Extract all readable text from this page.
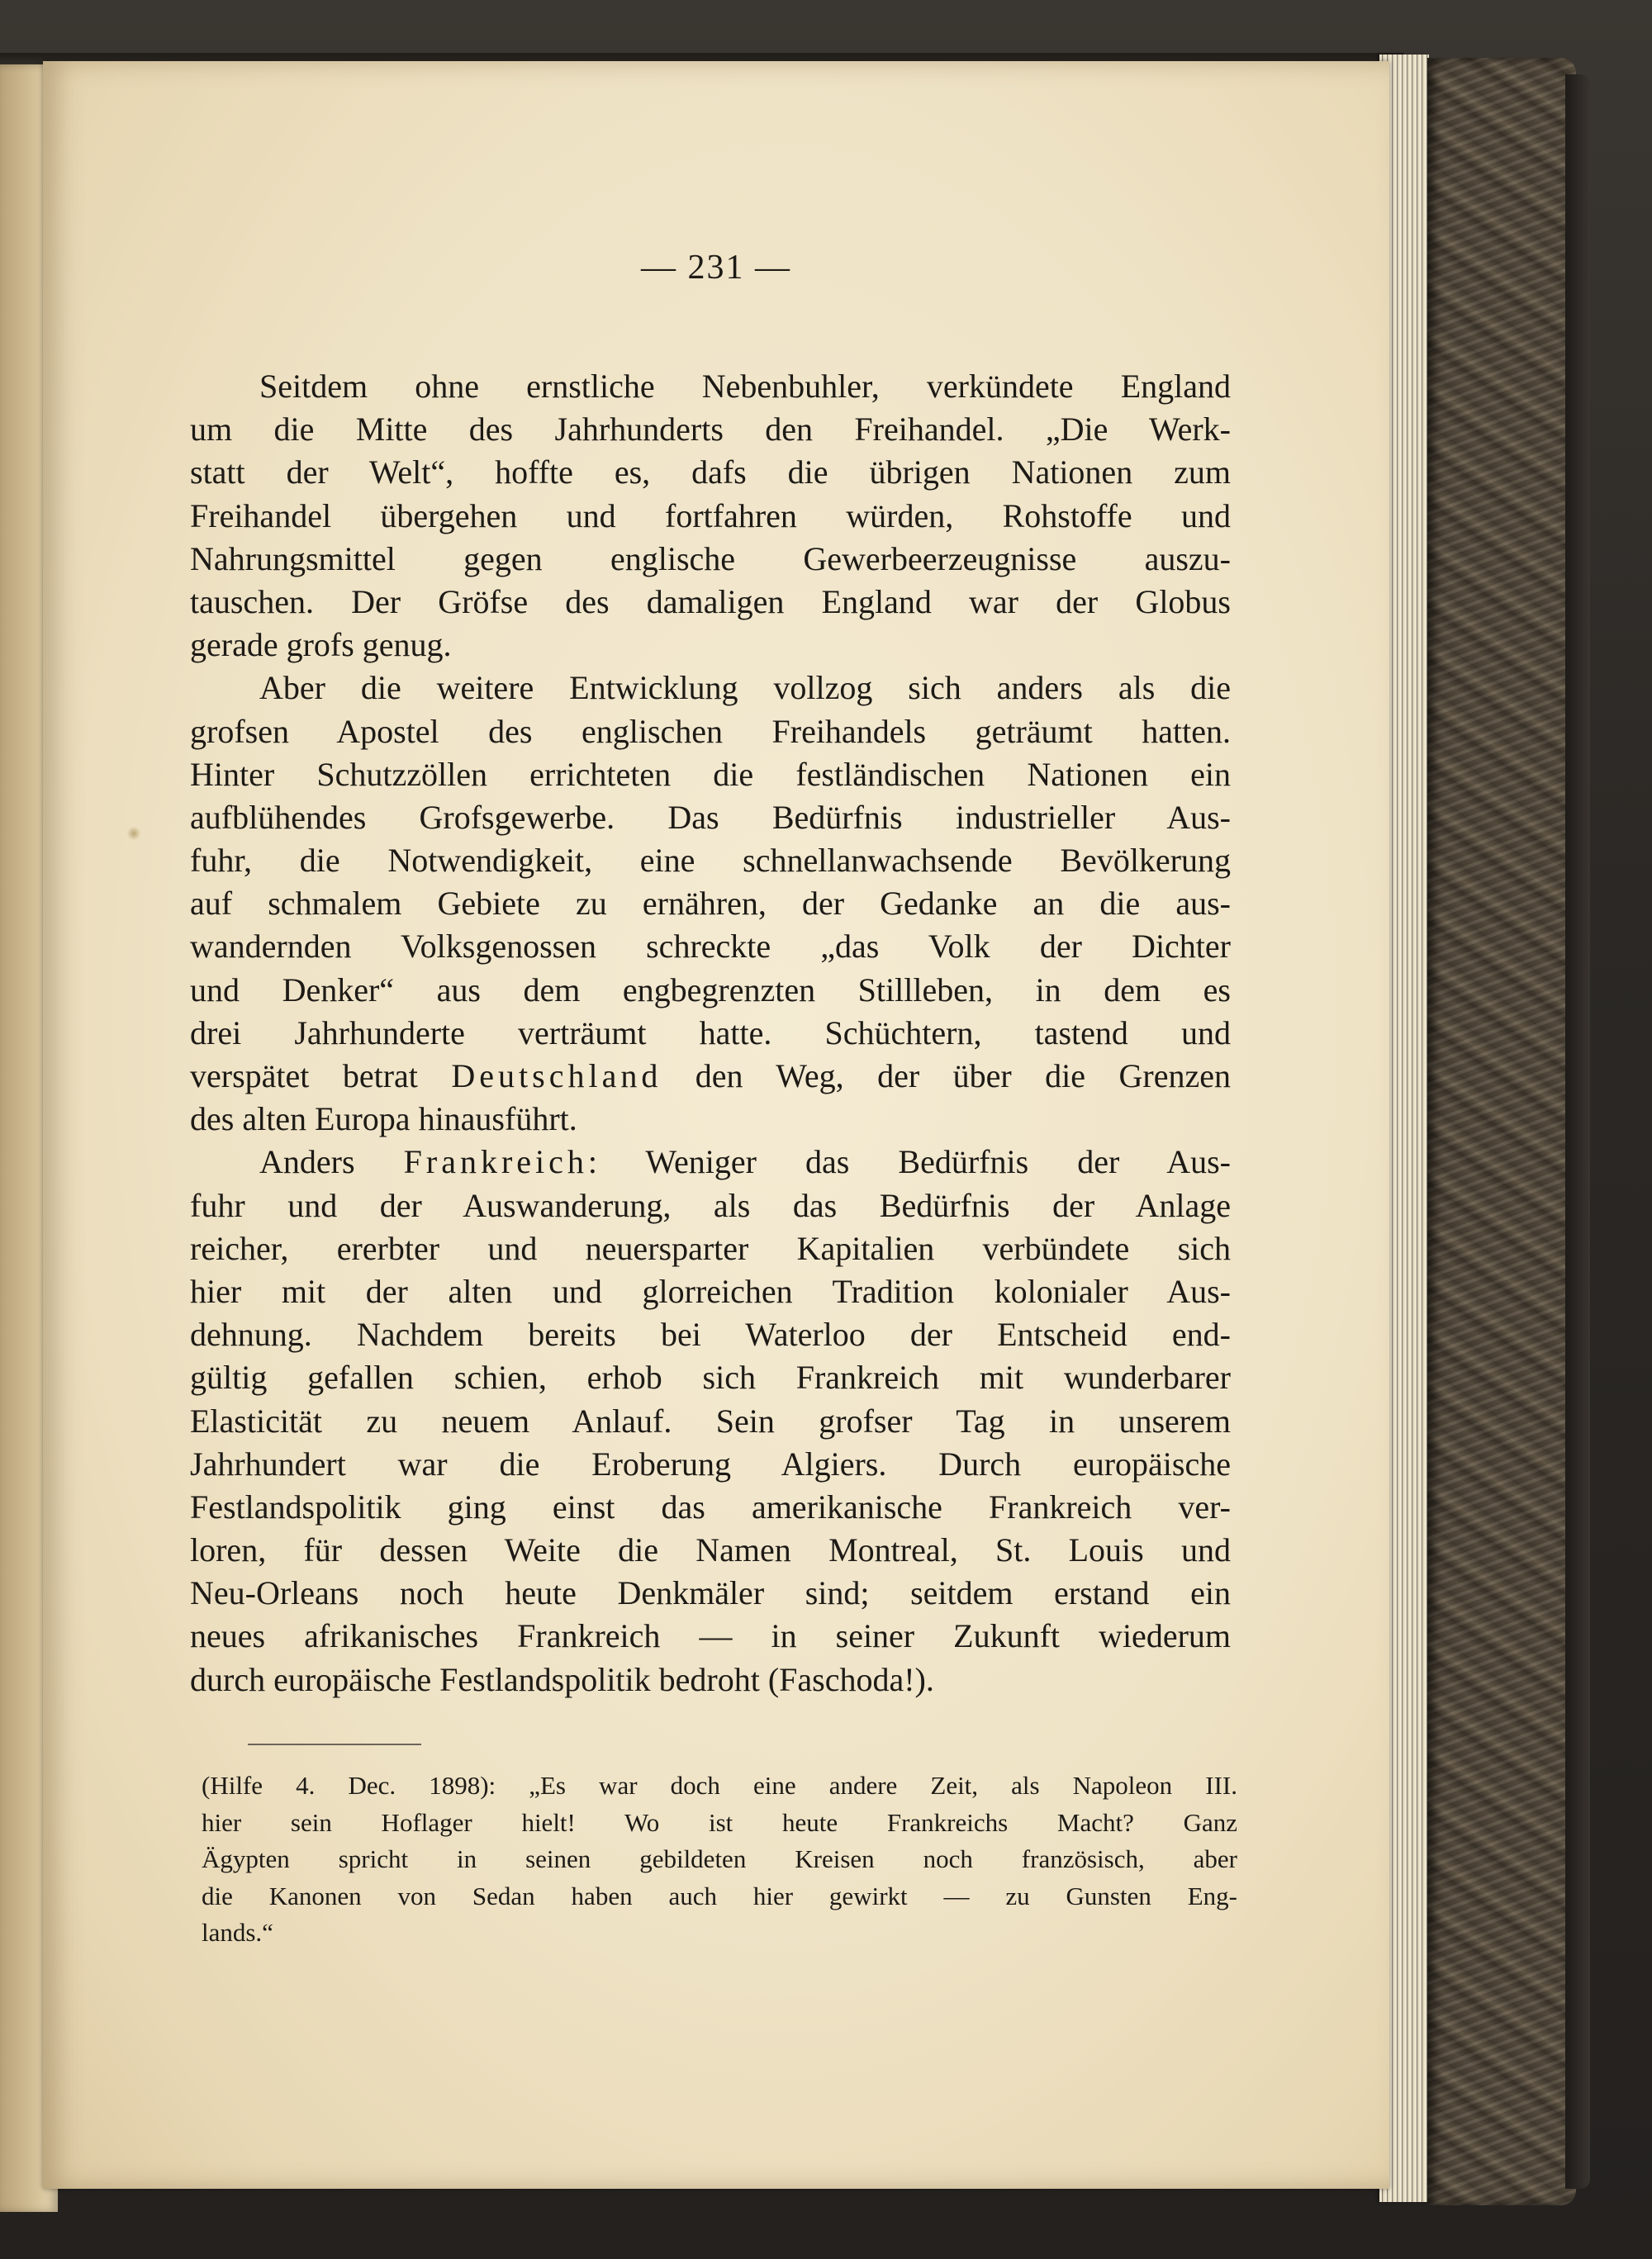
— 231 —
Seitdem ohne ernstliche Nebenbuhler, verkündete England
um die Mitte des Jahrhunderts den Freihandel. „Die Werk-
statt der Welt“, hoffte es, dafs die übrigen Nationen zum
Freihandel übergehen und fortfahren würden, Rohstoffe und
Nahrungsmittel gegen englische Gewerbeerzeugnisse auszu-
tauschen. Der Gröfse des damaligen England war der Globus
gerade grofs genug.
Aber die weitere Entwicklung vollzog sich anders als die
grofsen Apostel des englischen Freihandels geträumt hatten.
Hinter Schutzzöllen errichteten die festländischen Nationen ein
aufblühendes Grofsgewerbe. Das Bedürfnis industrieller Aus-
fuhr, die Notwendigkeit, eine schnellanwachsende Bevölkerung
auf schmalem Gebiete zu ernähren, der Gedanke an die aus-
wandernden Volksgenossen schreckte „das Volk der Dichter
und Denker“ aus dem engbegrenzten Stillleben, in dem es
drei Jahrhunderte verträumt hatte. Schüchtern, tastend und
verspätet betrat Deutschland den Weg, der über die Grenzen
des alten Europa hinausführt.
Anders Frankreich: Weniger das Bedürfnis der Aus-
fuhr und der Auswanderung, als das Bedürfnis der Anlage
reicher, ererbter und neuersparter Kapitalien verbündete sich
hier mit der alten und glorreichen Tradition kolonialer Aus-
dehnung. Nachdem bereits bei Waterloo der Entscheid end-
gültig gefallen schien, erhob sich Frankreich mit wunderbarer
Elasticität zu neuem Anlauf. Sein grofser Tag in unserem
Jahrhundert war die Eroberung Algiers. Durch europäische
Festlandspolitik ging einst das amerikanische Frankreich ver-
loren, für dessen Weite die Namen Montreal, St. Louis und
Neu-Orleans noch heute Denkmäler sind; seitdem erstand ein
neues afrikanisches Frankreich — in seiner Zukunft wiederum
durch europäische Festlandspolitik bedroht (Faschoda!).
(Hilfe 4. Dec. 1898): „Es war doch eine andere Zeit, als Napoleon III.
hier sein Hoflager hielt! Wo ist heute Frankreichs Macht? Ganz
Ägypten spricht in seinen gebildeten Kreisen noch französisch, aber
die Kanonen von Sedan haben auch hier gewirkt — zu Gunsten Eng-
lands.“
